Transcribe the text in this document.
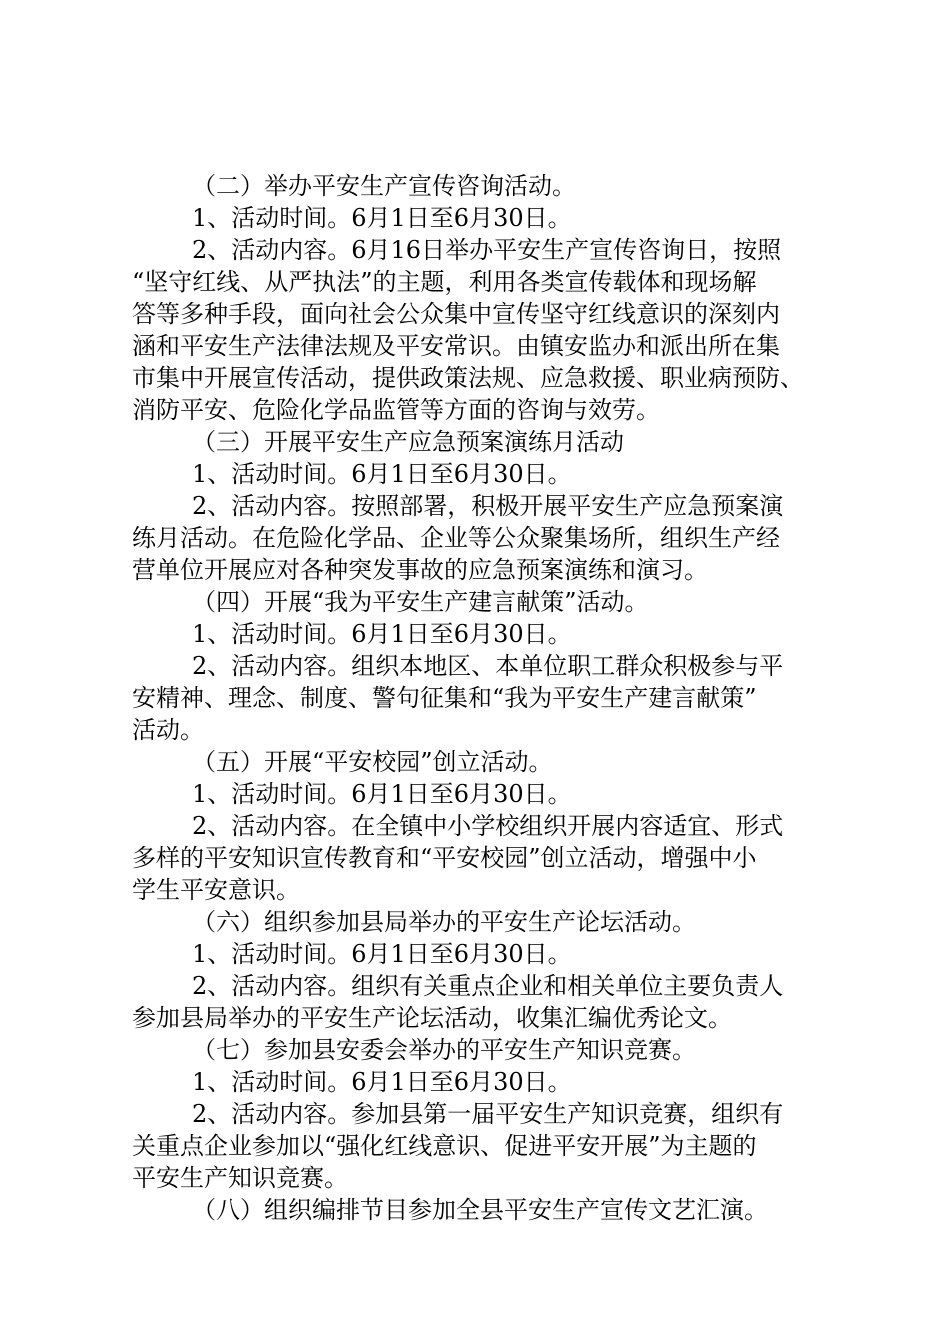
（二）举办平安生产宣传咨询活动。
1、活动时间。6月1日至6月30日。
2、活动内容。6月16日举办平安生产宣传咨询日，按照
“坚守红线、从严执法”的主题，利用各类宣传载体和现场解
答等多种手段，面向社会公众集中宣传坚守红线意识的深刻内
涵和平安生产法律法规及平安常识。由镇安监办和派出所在集
市集中开展宣传活动，提供政策法规、应急救援、职业病预防、
消防平安、危险化学品监管等方面的咨询与效劳。
（三）开展平安生产应急预案演练月活动
1、活动时间。6月1日至6月30日。
2、活动内容。按照部署，积极开展平安生产应急预案演
练月活动。在危险化学品、企业等公众聚集场所，组织生产经
营单位开展应对各种突发事故的应急预案演练和演习。
（四）开展“我为平安生产建言献策”活动。
1、活动时间。6月1日至6月30日。
2、活动内容。组织本地区、本单位职工群众积极参与平
安精神、理念、制度、警句征集和“我为平安生产建言献策”
活动。
（五）开展“平安校园”创立活动。
1、活动时间。6月1日至6月30日。
2、活动内容。在全镇中小学校组织开展内容适宜、形式
多样的平安知识宣传教育和“平安校园”创立活动，增强中小
学生平安意识。
（六）组织参加县局举办的平安生产论坛活动。
1、活动时间。6月1日至6月30日。
2、活动内容。组织有关重点企业和相关单位主要负责人
参加县局举办的平安生产论坛活动，收集汇编优秀论文。
（七）参加县安委会举办的平安生产知识竞赛。
1、活动时间。6月1日至6月30日。
2、活动内容。参加县第一届平安生产知识竞赛，组织有
关重点企业参加以“强化红线意识、促进平安开展”为主题的
平安生产知识竞赛。
（八）组织编排节目参加全县平安生产宣传文艺汇演。
